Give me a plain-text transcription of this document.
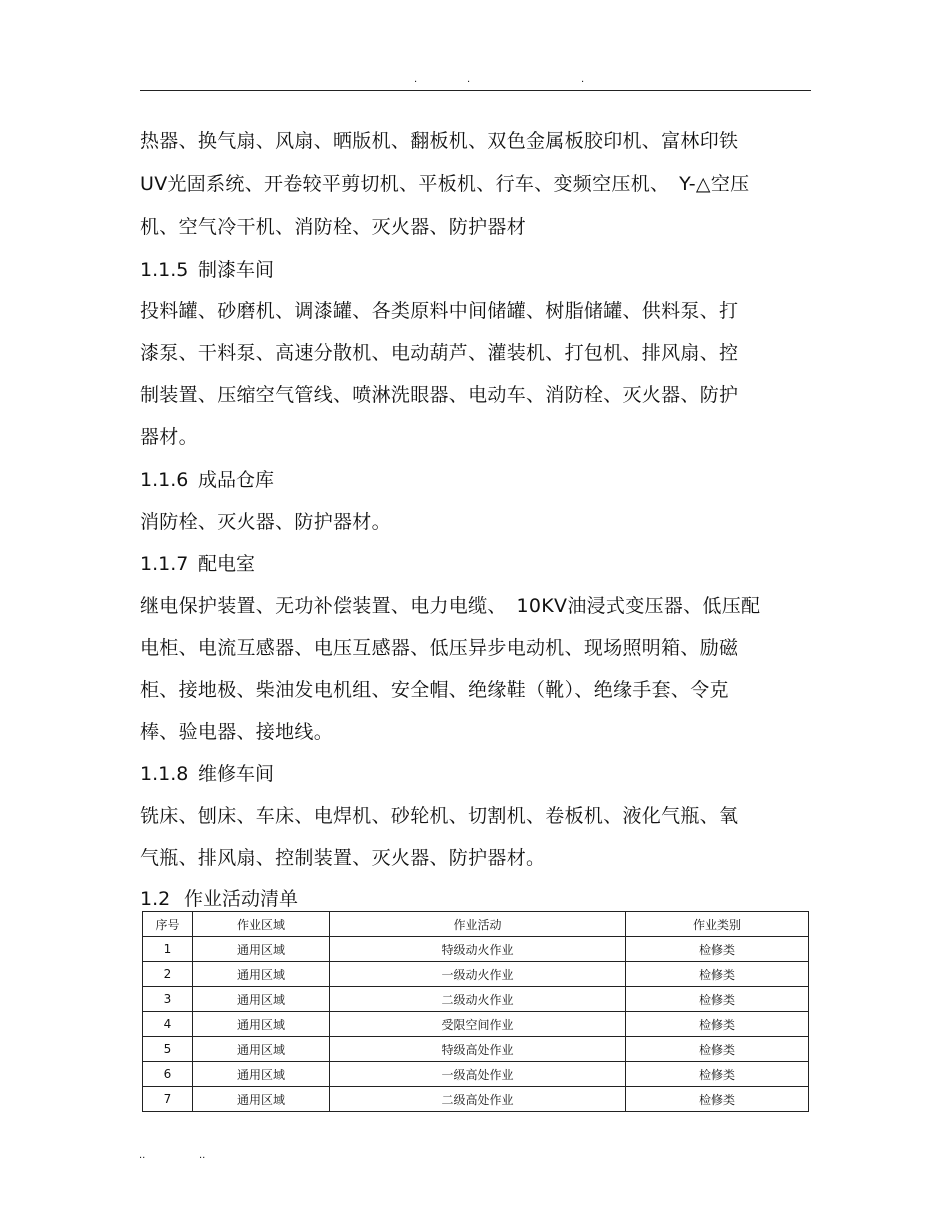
.	.	.
热器、换气扇、风扇、晒版机、翻板机、双色金属板胶印机、富林印铁
UV光固系统、开卷较平剪切机、平板机、行车、变频空压机、　Y-△空压
机、空气冷干机、消防栓、灭火器、防护器材
1.1.5 制漆车间
投料罐、砂磨机、调漆罐、各类原料中间储罐、树脂储罐、供料泵、打
漆泵、干料泵、高速分散机、电动葫芦、灌装机、打包机、排风扇、控
制装置、压缩空气管线、喷淋洗眼器、电动车、消防栓、灭火器、防护
器材。
1.1.6 成品仓库
消防栓、灭火器、防护器材。
1.1.7 配电室
继电保护装置、无功补偿装置、电力电缆、　10KV油浸式变压器、低压配
电柜、电流互感器、电压互感器、低压异步电动机、现场照明箱、励磁
柜、接地极、柴油发电机组、安全帽、绝缘鞋（靴）、绝缘手套、令克
棒、验电器、接地线。
1.1.8 维修车间
铣床、刨床、车床、电焊机、砂轮机、切割机、卷板机、液化气瓶、氧
气瓶、排风扇、控制装置、灭火器、防护器材。
1.2 作业活动清单
序号	作业区域	作业活动	作业类别
1	通用区域	特级动火作业	检修类
2	通用区域	一级动火作业	检修类
3	通用区域	二级动火作业	检修类
4	通用区域	受限空间作业	检修类
5	通用区域	特级高处作业	检修类
6	通用区域	一级高处作业	检修类
7	通用区域	二级高处作业	检修类
..	..
